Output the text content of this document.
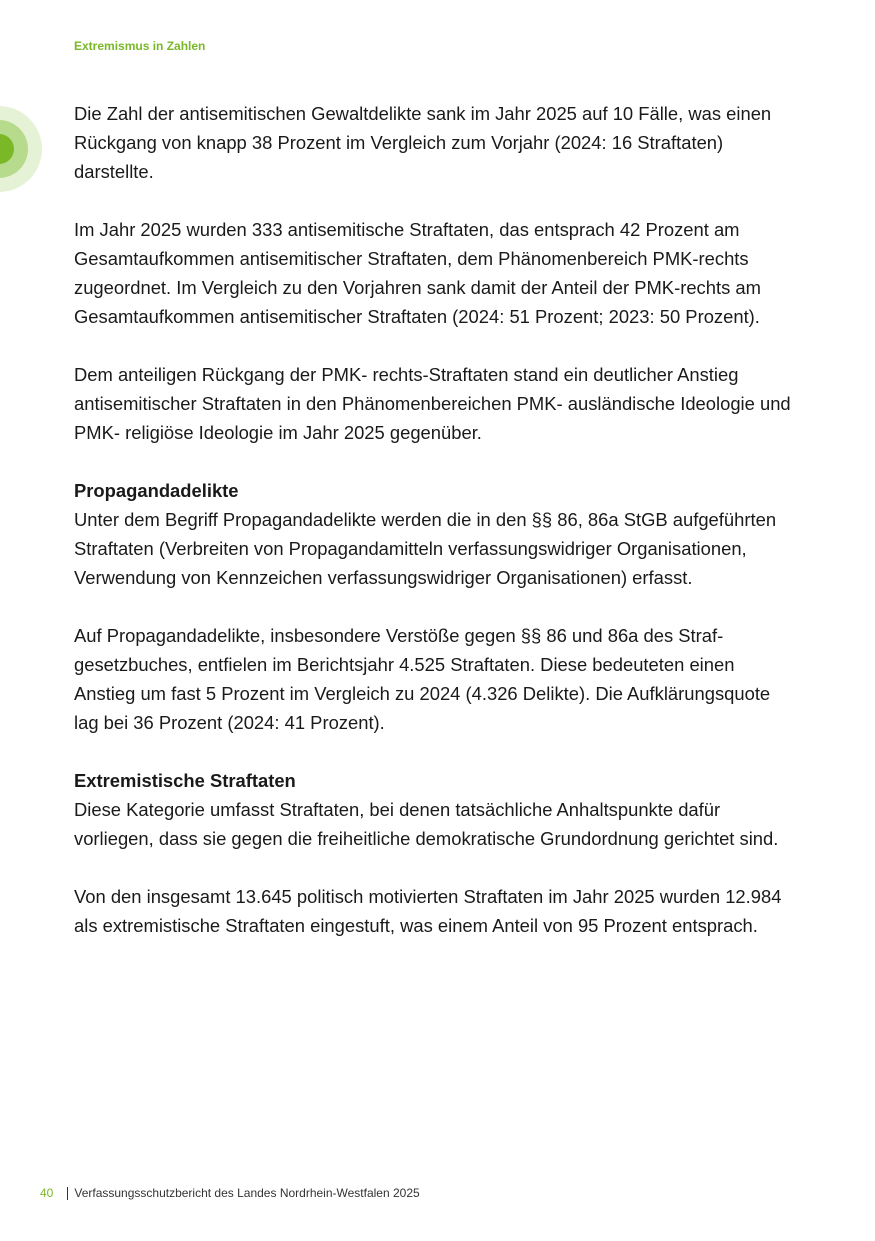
Extremismus in Zahlen

Die Zahl der antisemitischen Gewaltdelikte sank im Jahr 2025 auf 10 Fälle, was einen Rückgang von knapp 38 Prozent im Vergleich zum Vorjahr (2024: 16 Straftaten) darstellte.

Im Jahr 2025 wurden 333 antisemitische Straftaten, das entsprach 42 Prozent am Gesamtaufkommen antisemitischer Straftaten, dem Phänomenbereich PMK-rechts zugeordnet. Im Vergleich zu den Vorjahren sank damit der Anteil der PMK-rechts am Gesamtaufkommen antisemitischer Straftaten (2024: 51 Prozent; 2023: 50 Prozent).

Dem anteiligen Rückgang der PMK- rechts-Straftaten stand ein deutlicher Anstieg antisemitischer Straftaten in den Phänomenbereichen PMK- ausländische Ideologie und PMK- religiöse Ideologie im Jahr 2025 gegenüber.

Propagandadelikte

Unter dem Begriff Propagandadelikte werden die in den §§ 86, 86a StGB aufgeführten Straftaten (Verbreiten von Propagandamitteln verfassungswidriger Organisationen, Verwendung von Kennzeichen verfassungswidriger Organisationen) erfasst.

Auf Propagandadelikte, insbesondere Verstöße gegen §§ 86 und 86a des Strafgesetzbuches, entfielen im Berichtsjahr 4.525 Straftaten. Diese bedeuteten einen Anstieg um fast 5 Prozent im Vergleich zu 2024 (4.326 Delikte). Die Aufklärungsquote lag bei 36 Prozent (2024: 41 Prozent).

Extremistische Straftaten

Diese Kategorie umfasst Straftaten, bei denen tatsächliche Anhaltspunkte dafür vorliegen, dass sie gegen die freiheitliche demokratische Grundordnung gerichtet sind.

Von den insgesamt 13.645 politisch motivierten Straftaten im Jahr 2025 wurden 12.984 als extremistische Straftaten eingestuft, was einem Anteil von 95 Prozent entsprach.

40 Verfassungsschutzbericht des Landes Nordrhein-Westfalen 2025
